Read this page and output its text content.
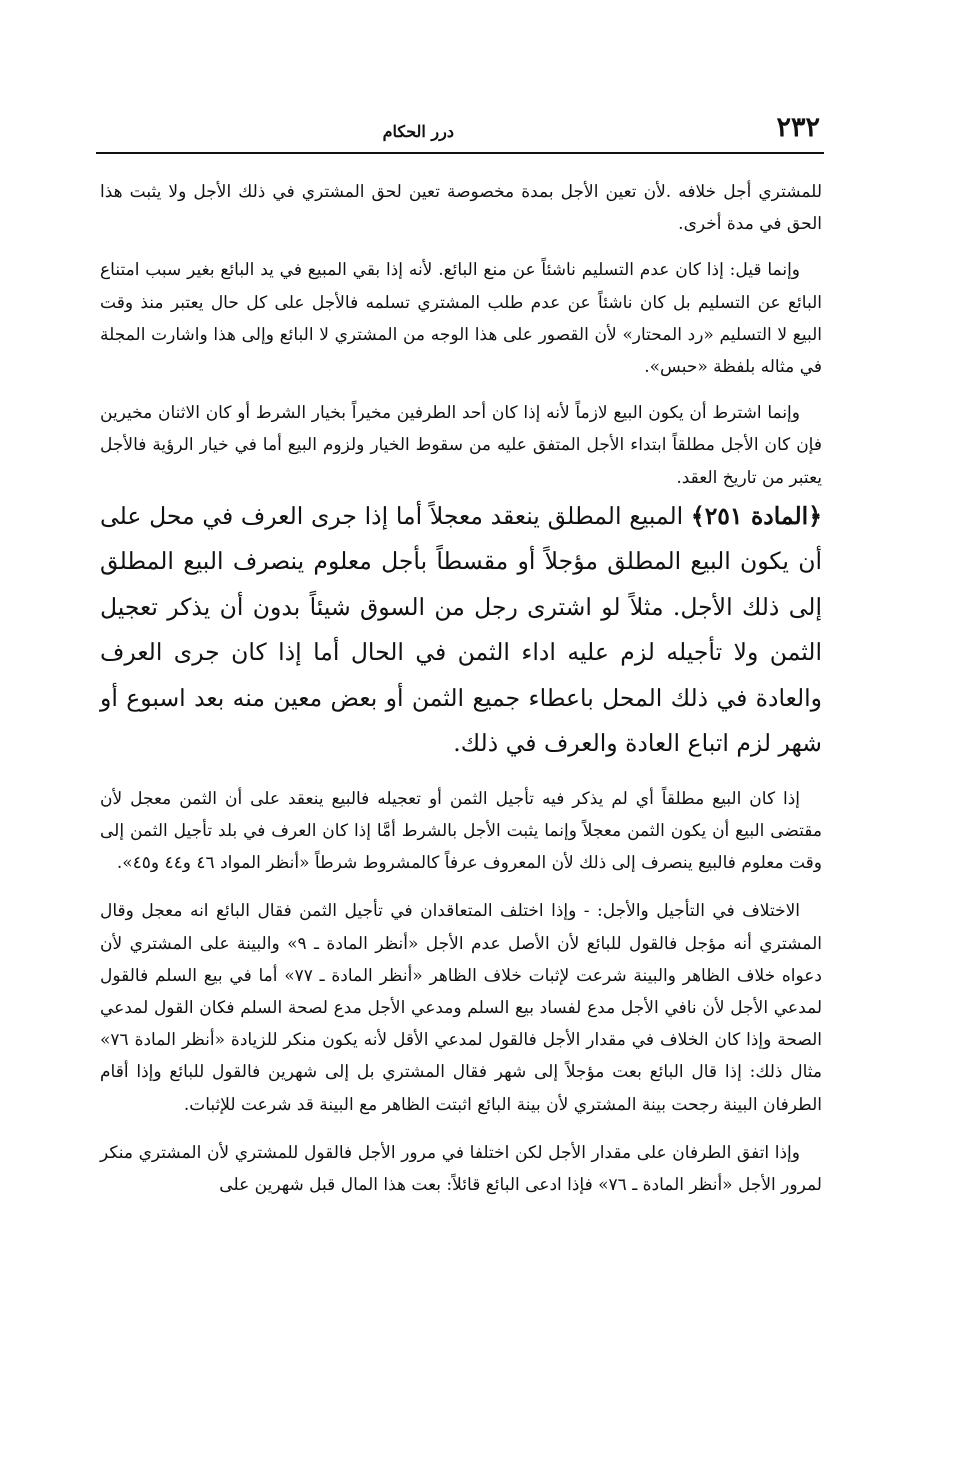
٢٣٢
درر الحكام

للمشتري أجل خلافه .لأن تعين الأجل بمدة مخصوصة تعين لحق المشتري في ذلك الأجل ولا يثبت هذا الحق في مدة أخرى.

وإنما قيل: إذا كان عدم التسليم ناشئاً عن منع البائع. لأنه إذا بقي المبيع في يد البائع بغير سبب امتناع البائع عن التسليم بل كان ناشئاً عن عدم طلب المشتري تسلمه فالأجل على كل حال يعتبر منذ وقت البيع لا التسليم «رد المحتار» لأن القصور على هذا الوجه من المشتري لا البائع وإلى هذا واشارت المجلة في مثاله بلفظة «حبس».

وإنما اشترط أن يكون البيع لازماً لأنه إذا كان أحد الطرفين مخيراً بخيار الشرط أو كان الاثنان مخيرين فإن كان الأجل مطلقاً ابتداء الأجل المتفق عليه من سقوط الخيار ولزوم البيع أما في خيار الرؤية فالأجل يعتبر من تاريخ العقد.

﴿المادة ٢٥١﴾ المبيع المطلق ينعقد معجلاً أما إذا جرى العرف في محل على أن يكون البيع المطلق مؤجلاً أو مقسطاً بأجل معلوم ينصرف البيع المطلق إلى ذلك الأجل. مثلاً لو اشترى رجل من السوق شيئاً بدون أن يذكر تعجيل الثمن ولا تأجيله لزم عليه اداء الثمن في الحال أما إذا كان جرى العرف والعادة في ذلك المحل باعطاء جميع الثمن أو بعض معين منه بعد اسبوع أو شهر لزم اتباع العادة والعرف في ذلك.

إذا كان البيع مطلقاً أي لم يذكر فيه تأجيل الثمن أو تعجيله فالبيع ينعقد على أن الثمن معجل لأن مقتضى البيع أن يكون الثمن معجلاً وإنما يثبت الأجل بالشرط أمَّا إذا كان العرف في بلد تأجيل الثمن إلى وقت معلوم فالبيع ينصرف إلى ذلك لأن المعروف عرفاً كالمشروط شرطاً «أنظر المواد ٤٦ و٤٤ و٤٥».

الاختلاف في التأجيل والأجل: - وإذا اختلف المتعاقدان في تأجيل الثمن فقال البائع انه معجل وقال المشتري أنه مؤجل فالقول للبائع لأن الأصل عدم الأجل «أنظر المادة ـ ٩» والبينة على المشتري لأن دعواه خلاف الظاهر والبينة شرعت لإثبات خلاف الظاهر «أنظر المادة ـ ٧٧» أما في بيع السلم فالقول لمدعي الأجل لأن نافي الأجل مدع لفساد بيع السلم ومدعي الأجل مدع لصحة السلم فكان القول لمدعي الصحة وإذا كان الخلاف في مقدار الأجل فالقول لمدعي الأقل لأنه يكون منكر للزيادة «أنظر المادة ٧٦» مثال ذلك: إذا قال البائع بعت مؤجلاً إلى شهر فقال المشتري بل إلى شهرين فالقول للبائع وإذا أقام الطرفان البينة رجحت بينة المشتري لأن بينة البائع اثبتت الظاهر مع البينة قد شرعت للإثبات.

وإذا اتفق الطرفان على مقدار الأجل لكن اختلفا في مرور الأجل فالقول للمشتري لأن المشتري منكر لمرور الأجل «أنظر المادة ـ ٧٦» فإذا ادعى البائع قائلاً: بعت هذا المال قبل شهرين على
